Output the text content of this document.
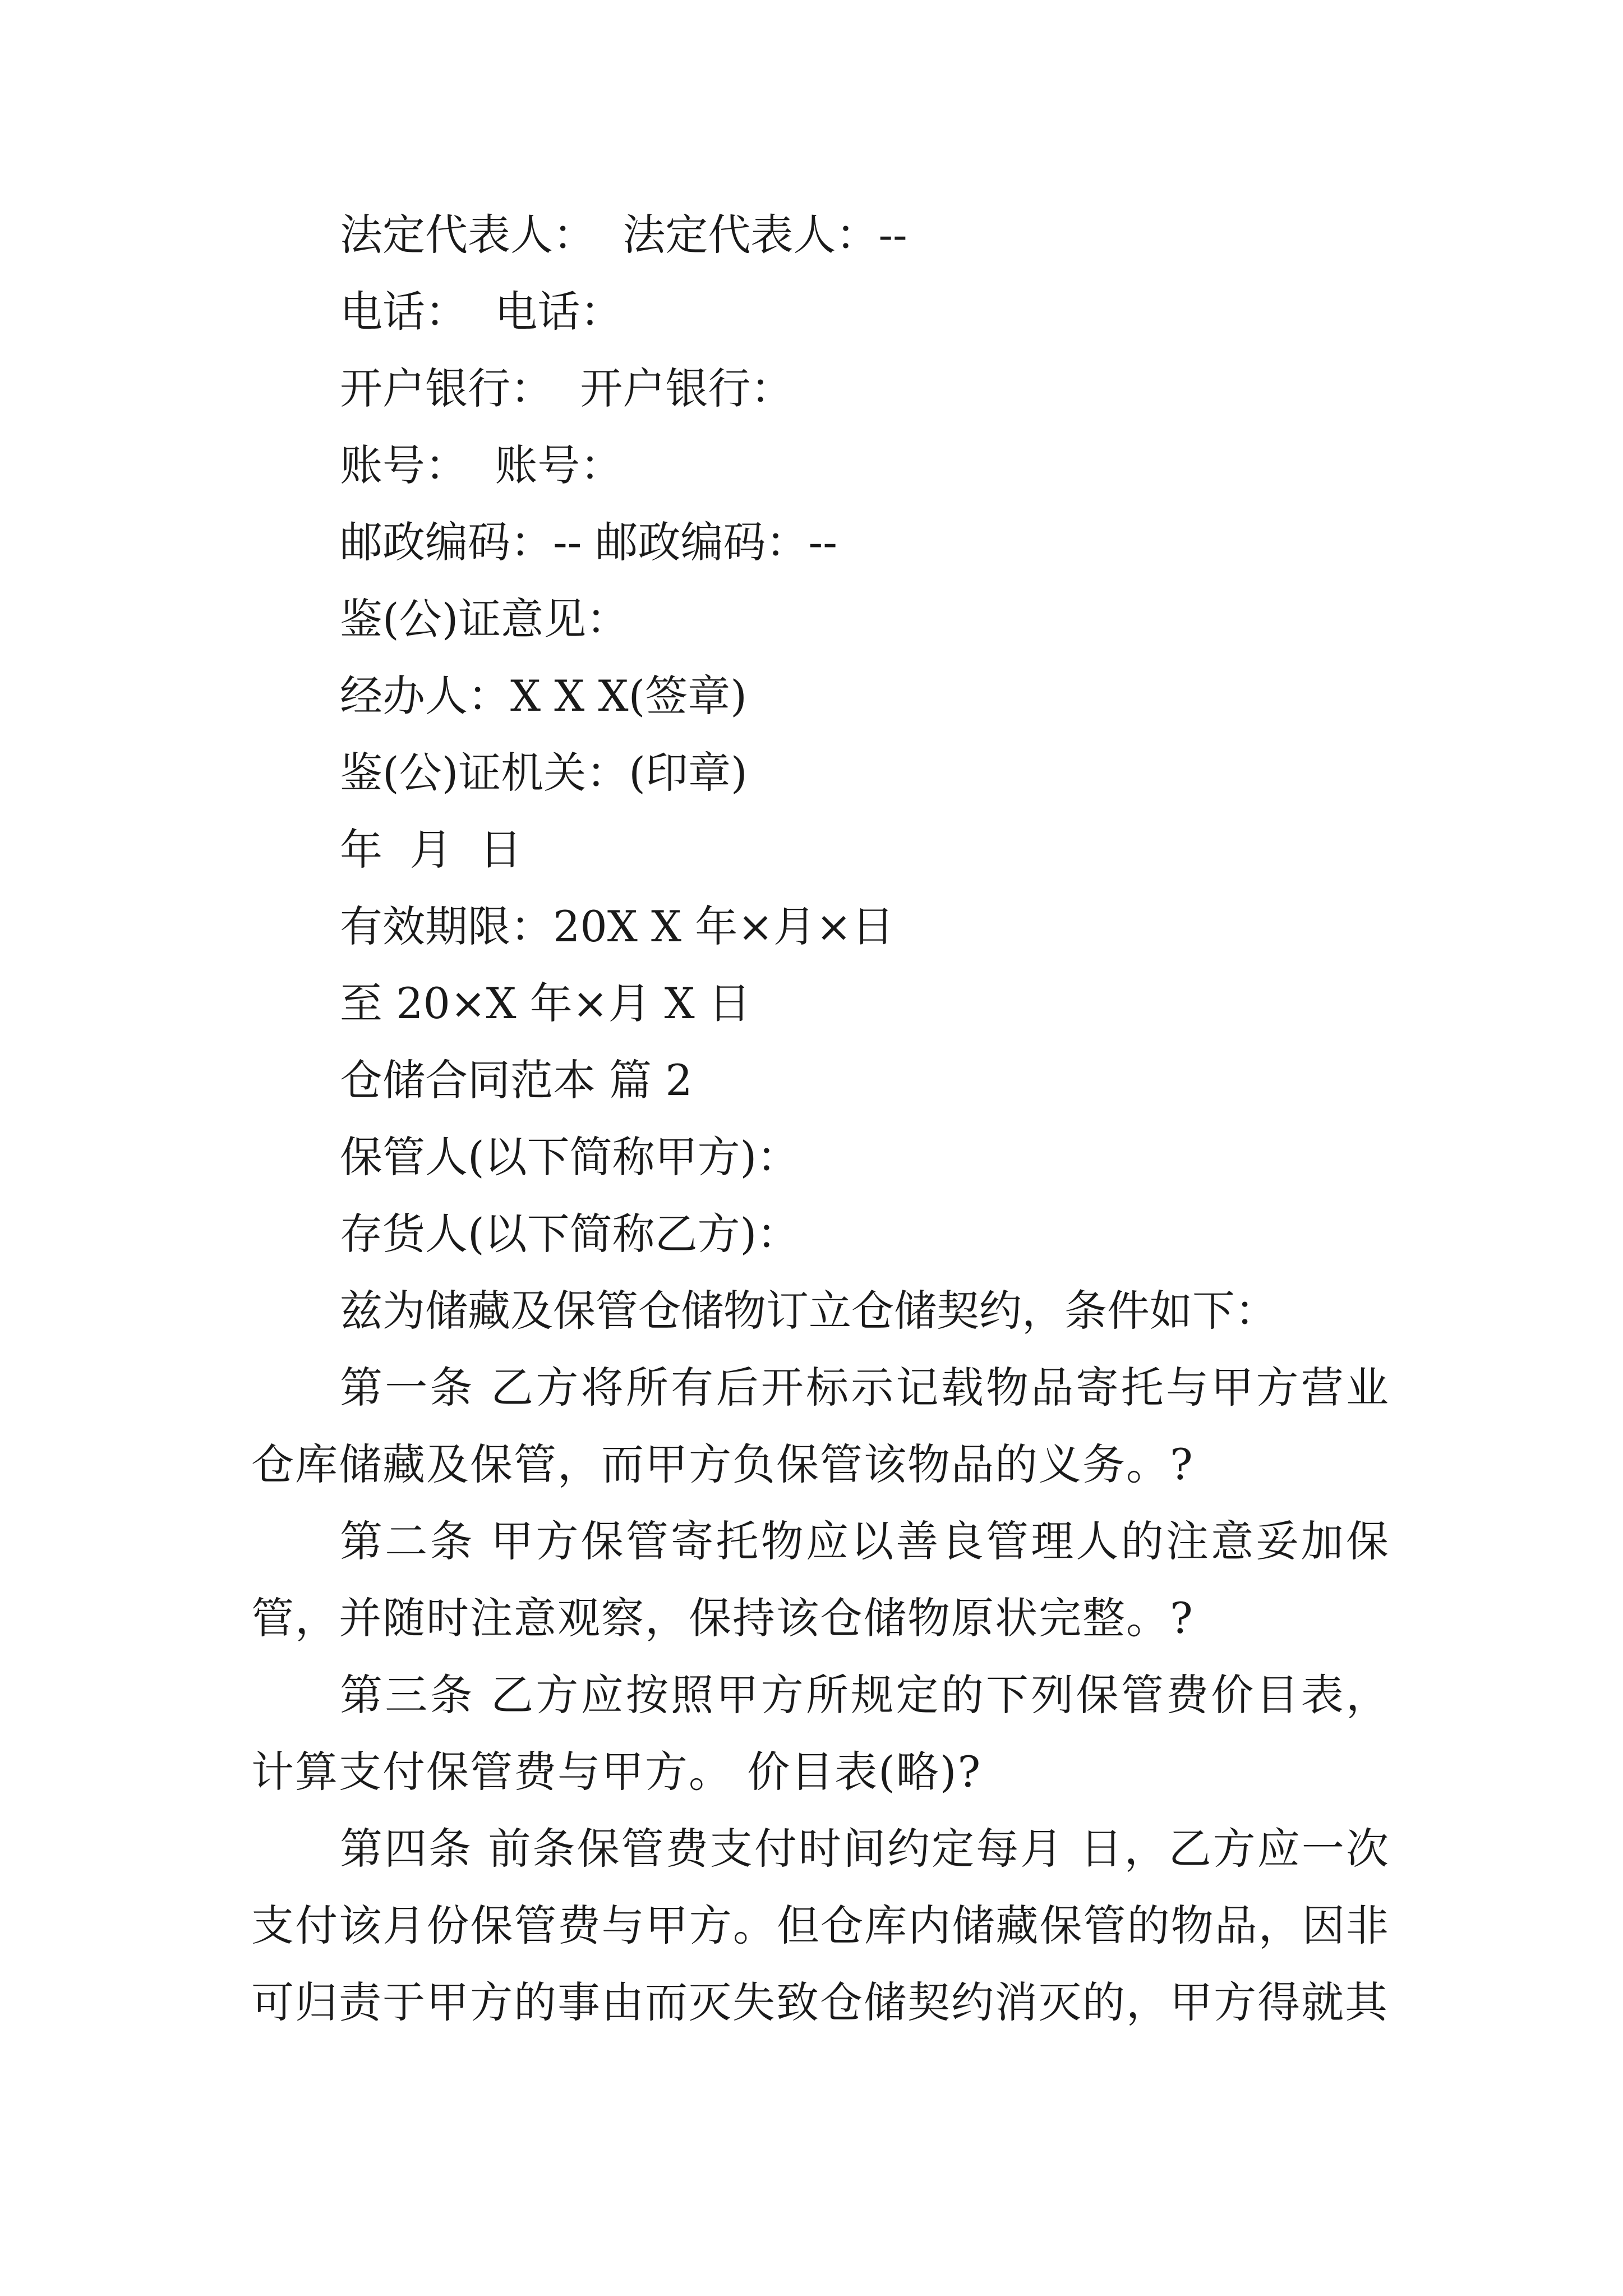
法定代表人：  法定代表人：--
电话：  电话：
开户银行：  开户银行：
账号：  账号：
邮政编码：-- 邮政编码：--
鉴(公)证意见：
经办人：X X X(签章)
鉴(公)证机关：(印章)
年  月  日
有效期限：20X X 年×月×日
至 20×X 年×月 X 日
仓储合同范本 篇 2
保管人(以下简称甲方)：
存货人(以下简称乙方)：
兹为储藏及保管仓储物订立仓储契约，条件如下：

第一条 乙方将所有后开标示记载物品寄托与甲方营业仓库储藏及保管，而甲方负保管该物品的义务。?

第二条 甲方保管寄托物应以善良管理人的注意妥加保管，并随时注意观察，保持该仓储物原状完整。?

第三条 乙方应按照甲方所规定的下列保管费价目表，计算支付保管费与甲方。 价目表(略)?

第四条 前条保管费支付时间约定每月 日，乙方应一次支付该月份保管费与甲方。但仓库内储藏保管的物品，因非可归责于甲方的事由而灭失致仓储契约消灭的，甲方得就其
